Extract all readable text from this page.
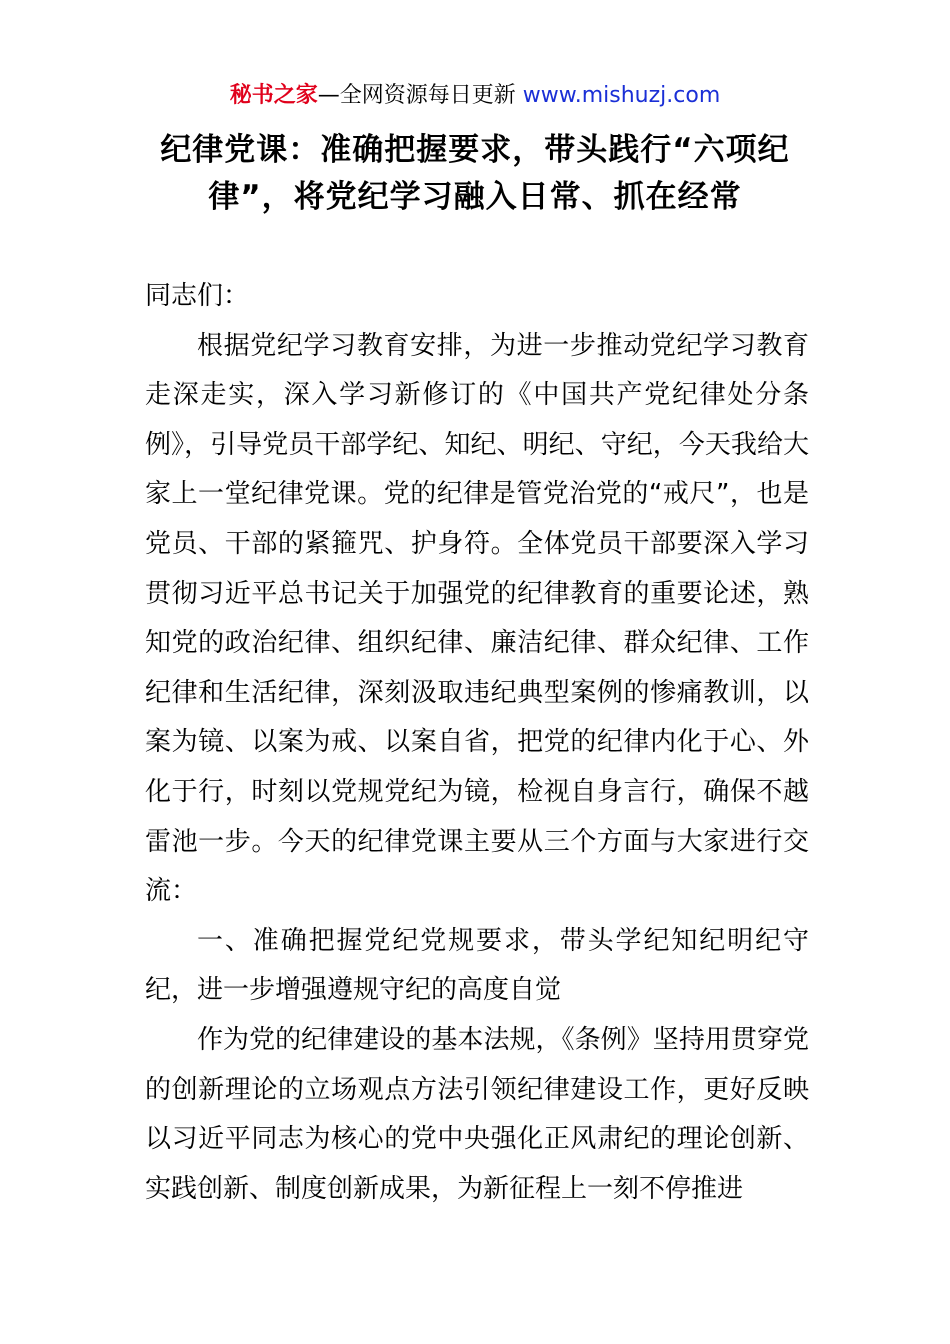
秘书之家—全网资源每日更新 www.mishuzj.com
纪律党课：准确把握要求，带头践行“六项纪律”，将党纪学习融入日常、抓在经常

同志们：

根据党纪学习教育安排，为进一步推动党纪学习教育走深走实，深入学习新修订的《中国共产党纪律处分条例》，引导党员干部学纪、知纪、明纪、守纪，今天我给大家上一堂纪律党课。党的纪律是管党治党的“戒尺”，也是党员、干部的紧箍咒、护身符。全体党员干部要深入学习贯彻习近平总书记关于加强党的纪律教育的重要论述，熟知党的政治纪律、组织纪律、廉洁纪律、群众纪律、工作纪律和生活纪律，深刻汲取违纪典型案例的惨痛教训，以案为镜、以案为戒、以案自省，把党的纪律内化于心、外化于行，时刻以党规党纪为镜，检视自身言行，确保不越雷池一步。今天的纪律党课主要从三个方面与大家进行交流：

一、准确把握党纪党规要求，带头学纪知纪明纪守纪，进一步增强遵规守纪的高度自觉

作为党的纪律建设的基本法规，《条例》坚持用贯穿党的创新理论的立场观点方法引领纪律建设工作，更好反映以习近平同志为核心的党中央强化正风肃纪的理论创新、实践创新、制度创新成果，为新征程上一刻不停推进
